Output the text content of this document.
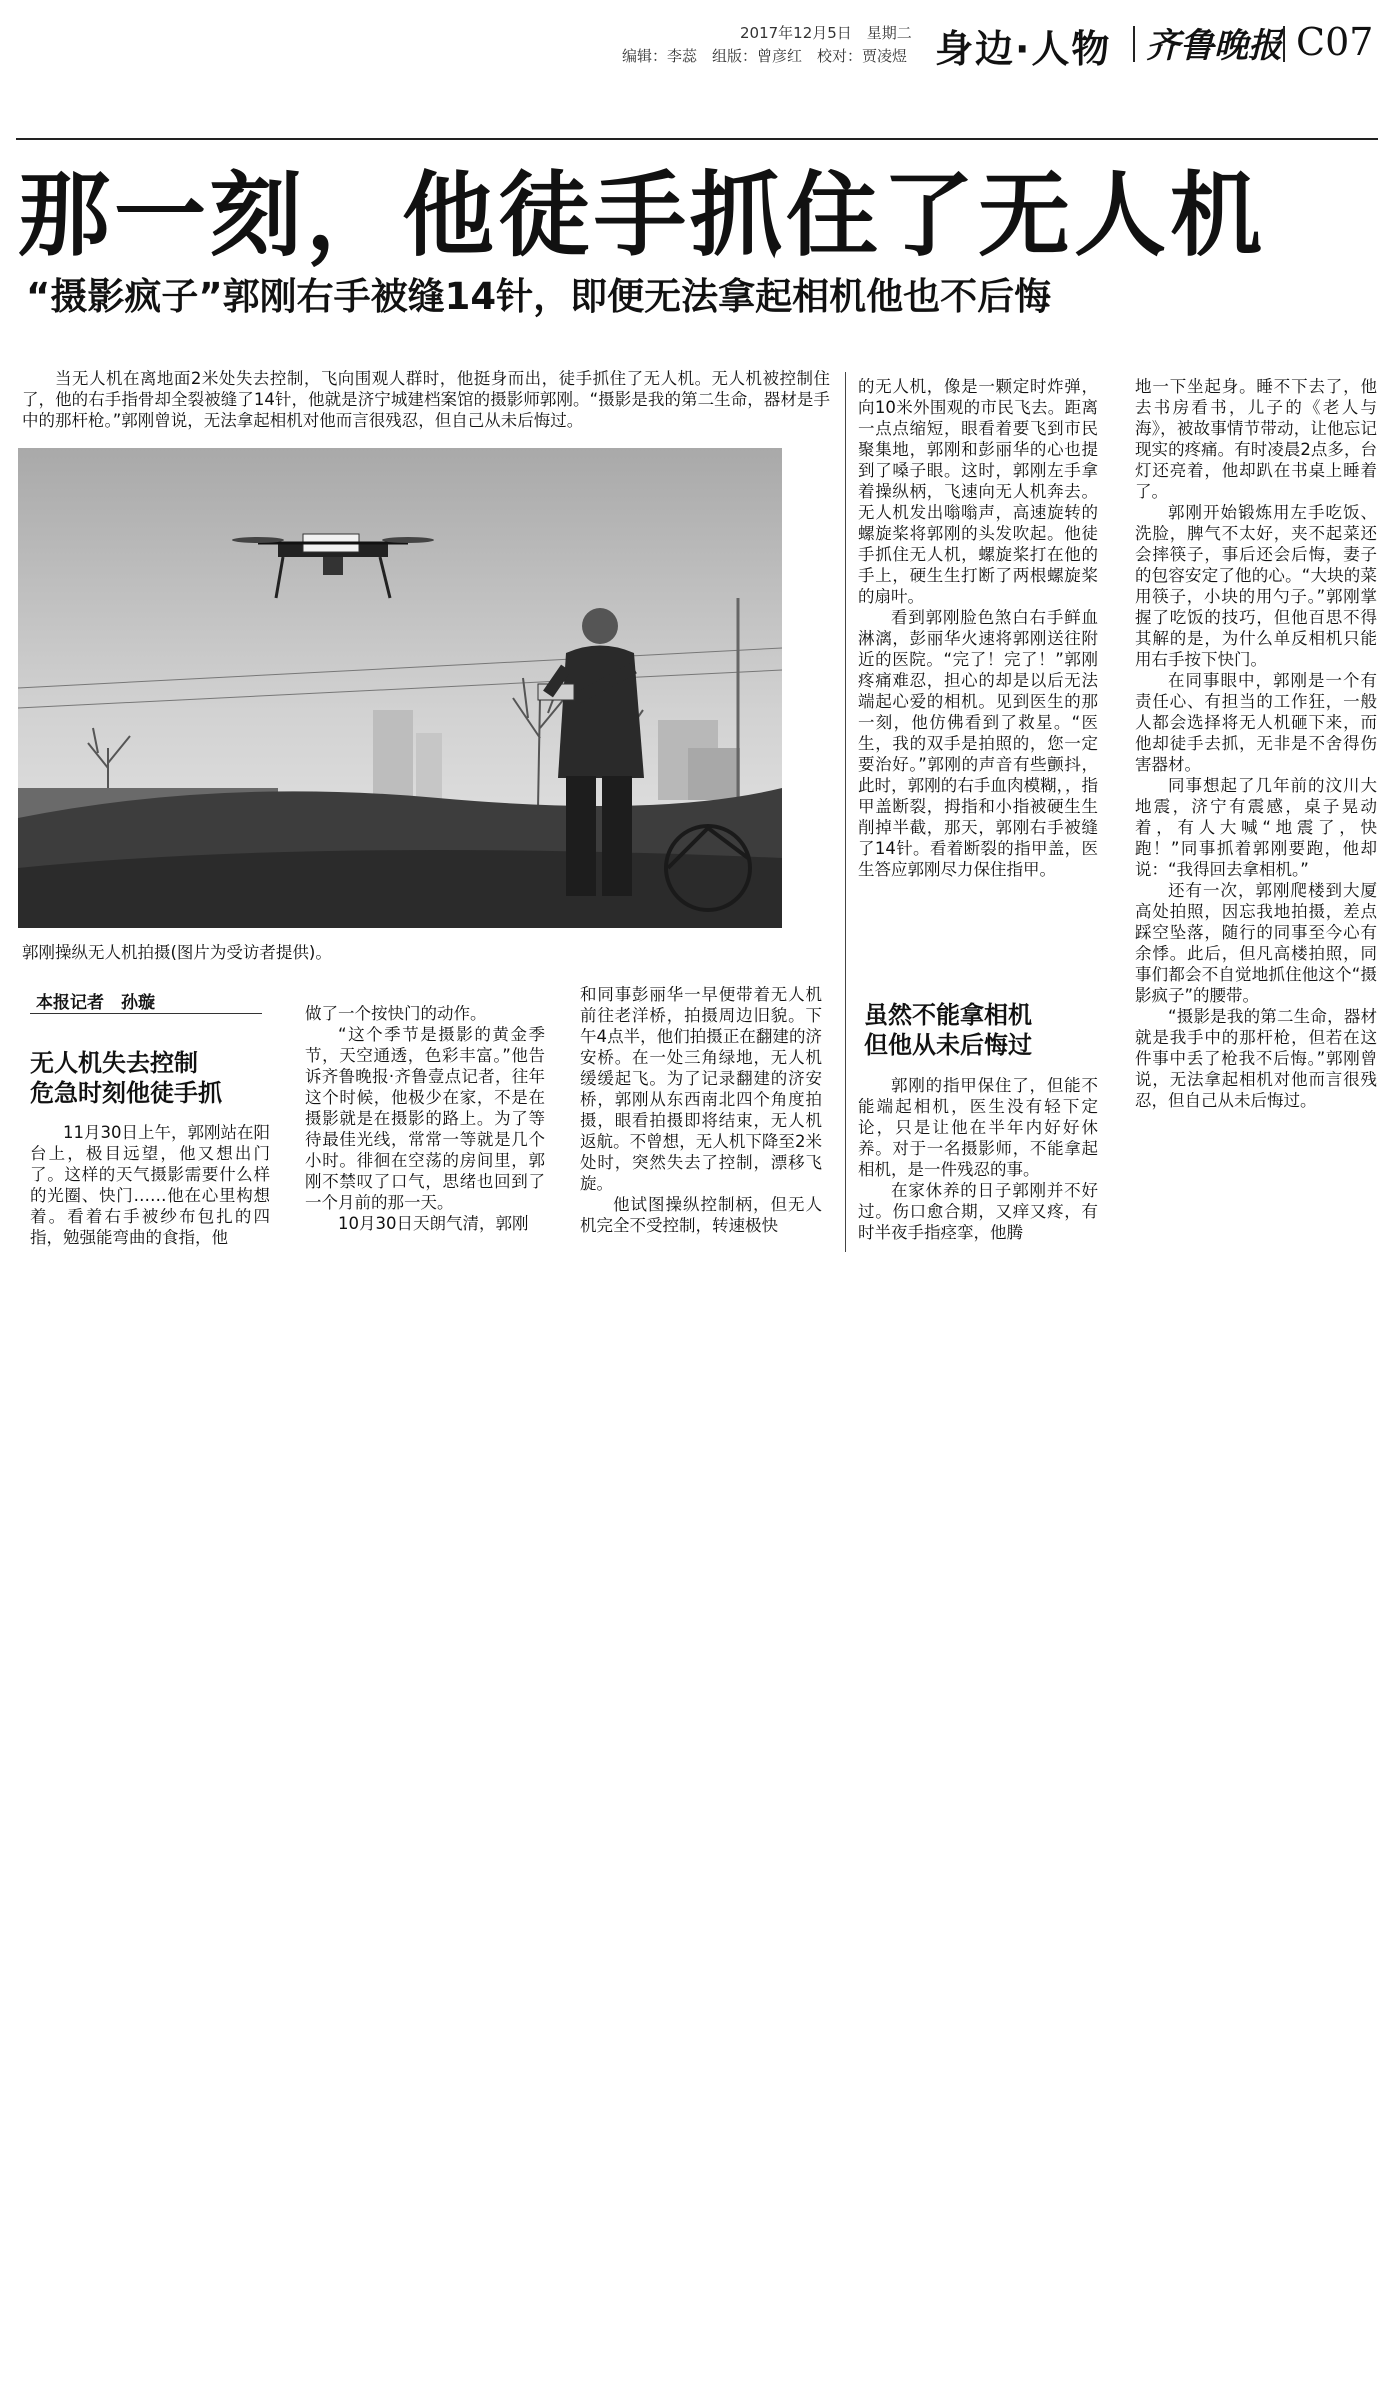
2017年12月5日　星期二
编辑：李蕊　组版：曾彦红　校对：贾凌煜 身边·人物 齐鲁晚报 C07
那一刻，他徒手抓住了无人机
“摄影疯子”郭刚右手被缝14针，即便无法拿起相机他也不后悔
当无人机在离地面2米处失去控制，飞向围观人群时，他挺身而出，徒手抓住了无人机。无人机被控制住了，他的右手指骨却全裂被缝了14针，他就是济宁城建档案馆的摄影师郭刚。“摄影是我的第二生命，器材是手中的那杆枪。”郭刚曾说，无法拿起相机对他而言很残忍，但自己从未后悔过。
郭刚操纵无人机拍摄(图片为受访者提供)。
本报记者　孙璇
无人机失去控制
危急时刻他徒手抓

11月30日上午，郭刚站在阳台上，极目远望，他又想出门了。这样的天气摄影需要什么样的光圈、快门……他在心里构想着。看着右手被纱布包扎的四指，勉强能弯曲的食指，他

做了一个按快门的动作。

“这个季节是摄影的黄金季节，天空通透，色彩丰富。”他告诉齐鲁晚报·齐鲁壹点记者，往年这个时候，他极少在家，不是在摄影就是在摄影的路上。为了等待最佳光线，常常一等就是几个小时。徘徊在空荡的房间里，郭刚不禁叹了口气，思绪也回到了一个月前的那一天。

10月30日天朗气清，郭刚

和同事彭丽华一早便带着无人机前往老洋桥，拍摄周边旧貌。下午4点半，他们拍摄正在翻建的济安桥。在一处三角绿地，无人机缓缓起飞。为了记录翻建的济安桥，郭刚从东西南北四个角度拍摄，眼看拍摄即将结束，无人机返航。不曾想，无人机下降至2米处时，突然失去了控制，漂移飞旋。

他试图操纵控制柄，但无人机完全不受控制，转速极快

的无人机，像是一颗定时炸弹，向10米外围观的市民飞去。距离一点点缩短，眼看着要飞到市民聚集地，郭刚和彭丽华的心也提到了嗓子眼。这时，郭刚左手拿着操纵柄，飞速向无人机奔去。无人机发出嗡嗡声，高速旋转的螺旋桨将郭刚的头发吹起。他徒手抓住无人机，螺旋桨打在他的手上，硬生生打断了两根螺旋桨的扇叶。

看到郭刚脸色煞白右手鲜血淋漓，彭丽华火速将郭刚送往附近的医院。“完了！完了！”郭刚疼痛难忍，担心的却是以后无法端起心爱的相机。见到医生的那一刻，他仿佛看到了救星。“医生，我的双手是拍照的，您一定要治好。”郭刚的声音有些颤抖，此时，郭刚的右手血肉模糊，，指甲盖断裂，拇指和小指被硬生生削掉半截，那天，郭刚右手被缝了14针。看着断裂的指甲盖，医生答应郭刚尽力保住指甲。

虽然不能拿相机
但他从未后悔过

郭刚的指甲保住了，但能不能端起相机，医生没有轻下定论，只是让他在半年内好好休养。对于一名摄影师，不能拿起相机，是一件残忍的事。

在家休养的日子郭刚并不好过。伤口愈合期，又痒又疼，有时半夜手指痉挛，他腾

地一下坐起身。睡不下去了，他去书房看书，儿子的《老人与海》，被故事情节带动，让他忘记现实的疼痛。有时凌晨2点多，台灯还亮着，他却趴在书桌上睡着了。

郭刚开始锻炼用左手吃饭、洗脸，脾气不太好，夹不起菜还会摔筷子，事后还会后悔，妻子的包容安定了他的心。“大块的菜用筷子，小块的用勺子。”郭刚掌握了吃饭的技巧，但他百思不得其解的是，为什么单反相机只能用右手按下快门。

在同事眼中，郭刚是一个有责任心、有担当的工作狂，一般人都会选择将无人机砸下来，而他却徒手去抓，无非是不舍得伤害器材。

同事想起了几年前的汶川大地震，济宁有震感，桌子晃动着，有人大喊“地震了，快跑！”同事抓着郭刚要跑，他却说：“我得回去拿相机。”

还有一次，郭刚爬楼到大厦高处拍照，因忘我地拍摄，差点踩空坠落，随行的同事至今心有余悸。此后，但凡高楼拍照，同事们都会不自觉地抓住他这个“摄影疯子”的腰带。

“摄影是我的第二生命，器材就是我手中的那杆枪，但若在这件事中丢了枪我不后悔。”郭刚曾说，无法拿起相机对他而言很残忍，但自己从未后悔过。
